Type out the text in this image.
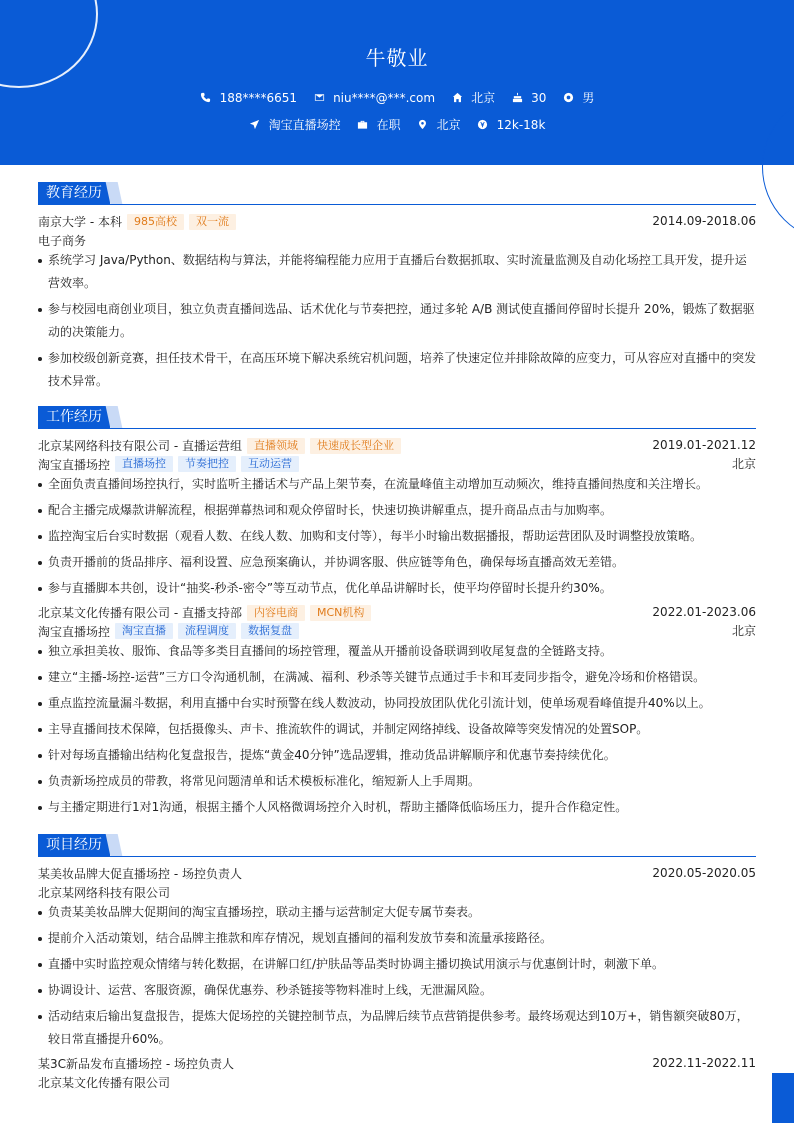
牛敬业
188****6651	niu****@***.com	北京	30	男
淘宝直播场控	在职	北京	12k-18k
教育经历
南京大学 - 本科	985高校	双一流	2014.09-2018.06
电子商务
系统学习 Java/Python、数据结构与算法，并能将编程能力应用于直播后台数据抓取、实时流量监测及自动化场控工具开发，提升运营效率。
参与校园电商创业项目，独立负责直播间选品、话术优化与节奏把控，通过多轮 A/B 测试使直播间停留时长提升 20%，锻炼了数据驱动的决策能力。
参加校级创新竞赛，担任技术骨干，在高压环境下解决系统宕机问题，培养了快速定位并排除故障的应变力，可从容应对直播中的突发技术异常。
工作经历
北京某网络科技有限公司 - 直播运营组	直播领域	快速成长型企业	2019.01-2021.12
淘宝直播场控	直播场控	节奏把控	互动运营	北京
全面负责直播间场控执行，实时监听主播话术与产品上架节奏，在流量峰值主动增加互动频次，维持直播间热度和关注增长。
配合主播完成爆款讲解流程，根据弹幕热词和观众停留时长，快速切换讲解重点，提升商品点击与加购率。
监控淘宝后台实时数据（观看人数、在线人数、加购和支付等），每半小时输出数据播报，帮助运营团队及时调整投放策略。
负责开播前的货品排序、福利设置、应急预案确认，并协调客服、供应链等角色，确保每场直播高效无差错。
参与直播脚本共创，设计“抽奖-秒杀-密令”等互动节点，优化单品讲解时长，使平均停留时长提升约30%。
北京某文化传播有限公司 - 直播支持部	内容电商	MCN机构	2022.01-2023.06
淘宝直播场控	淘宝直播	流程调度	数据复盘	北京
独立承担美妆、服饰、食品等多类目直播间的场控管理，覆盖从开播前设备联调到收尾复盘的全链路支持。
建立“主播-场控-运营”三方口令沟通机制，在满减、福利、秒杀等关键节点通过手卡和耳麦同步指令，避免冷场和价格错误。
重点监控流量漏斗数据，利用直播中台实时预警在线人数波动，协同投放团队优化引流计划，使单场观看峰值提升40%以上。
主导直播间技术保障，包括摄像头、声卡、推流软件的调试，并制定网络掉线、设备故障等突发情况的处置SOP。
针对每场直播输出结构化复盘报告，提炼“黄金40分钟”选品逻辑，推动货品讲解顺序和优惠节奏持续优化。
负责新场控成员的带教，将常见问题清单和话术模板标准化，缩短新人上手周期。
与主播定期进行1对1沟通，根据主播个人风格微调场控介入时机，帮助主播降低临场压力，提升合作稳定性。
项目经历
某美妆品牌大促直播场控 - 场控负责人	2020.05-2020.05
北京某网络科技有限公司
负责某美妆品牌大促期间的淘宝直播场控，联动主播与运营制定大促专属节奏表。
提前介入活动策划，结合品牌主推款和库存情况，规划直播间的福利发放节奏和流量承接路径。
直播中实时监控观众情绪与转化数据，在讲解口红/护肤品等品类时协调主播切换试用演示与优惠倒计时，刺激下单。
协调设计、运营、客服资源，确保优惠券、秒杀链接等物料准时上线，无泄漏风险。
活动结束后输出复盘报告，提炼大促场控的关键控制节点，为品牌后续节点营销提供参考。最终场观达到10万+，销售额突破80万，较日常直播提升60%。
某3C新品发布直播场控 - 场控负责人	2022.11-2022.11
北京某文化传播有限公司
